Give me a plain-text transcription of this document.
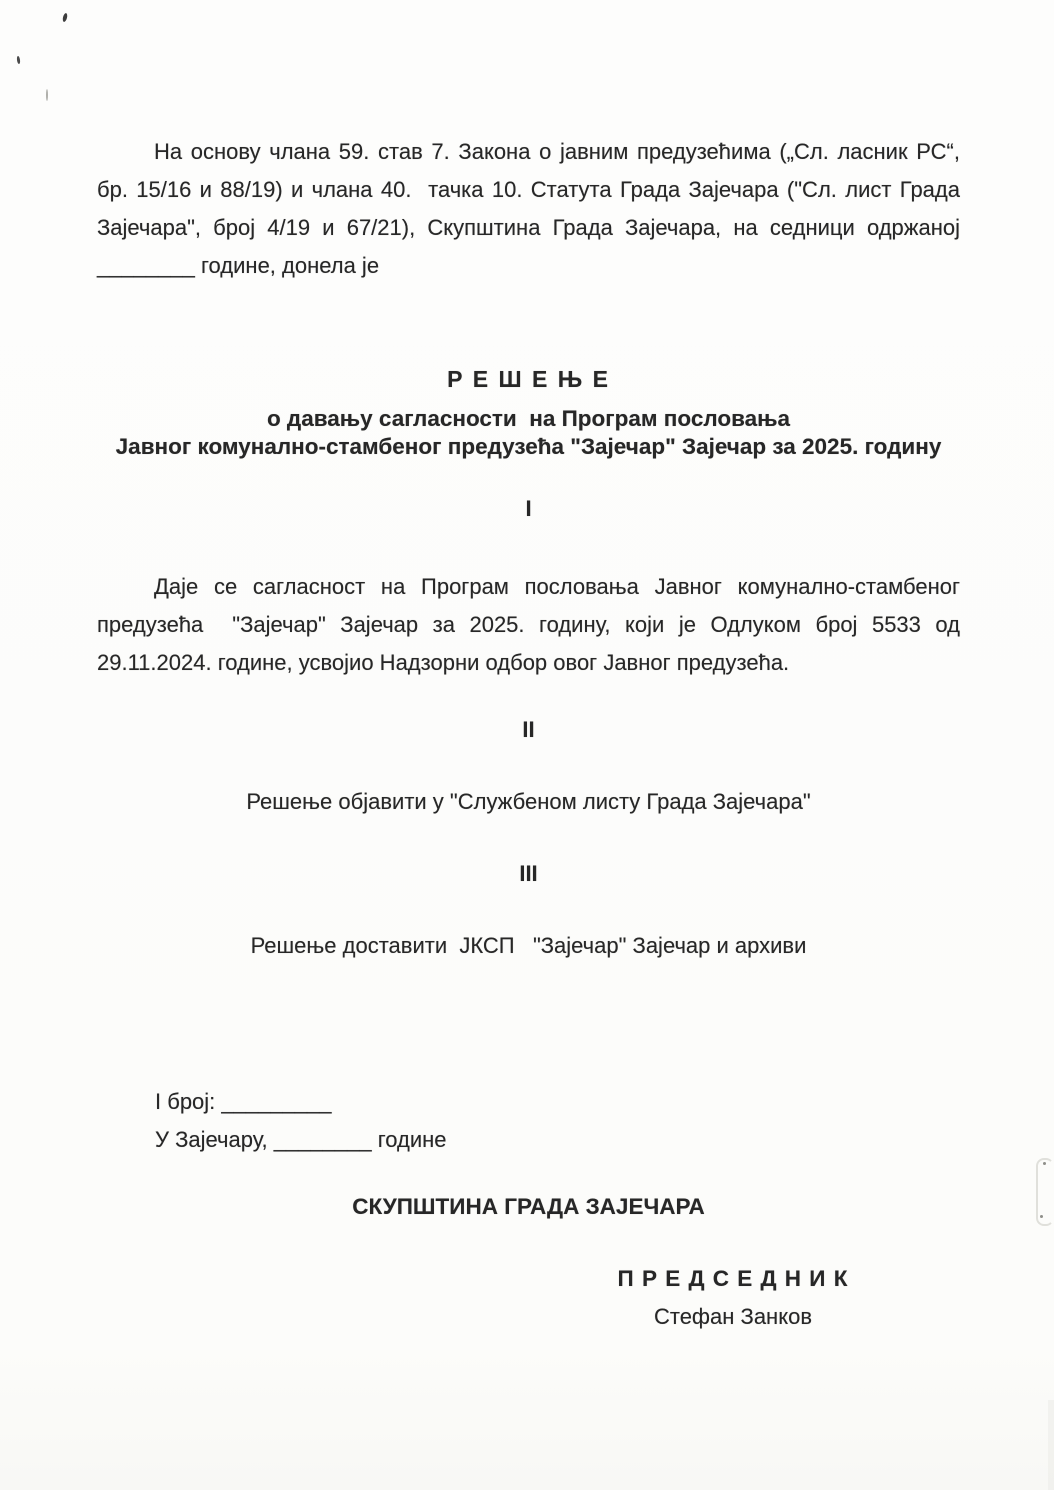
На основу члана 59. став 7. Закона о јавним предузећима („Сл. ласник РС“, бр. 15/16 и 88/19) и члана 40.  тачка 10. Статута Града Зајечара ("Сл. лист Града Зајечара", број 4/19 и 67/21), Скупштина Града Зајечара, на седници одржаној ________ године, донела је

Р Е Ш Е Њ Е
о давању сагласности  на Програм пословања
Јавног комунално-стамбеног предузећа "Зајечар" Зајечар за 2025. годину
I

Даје се сагласност на Програм пословања Јавног комунално-стамбеног предузећа  "Зајечар" Зајечар за 2025. годину, који је Одлуком број 5533 од 29.11.2024. године, усвојио Надзорни одбор овог Јавног предузећа.

II

Решење објавити у "Службеном листу Града Зајечара"

III

Решење доставити  ЈКСП   "Зајечар" Зајечар и архиви

I број: _________
У Зајечару, ________ године
СКУПШТИНА ГРАДА ЗАЈЕЧАРА
П Р Е Д С Е Д Н И К
Стефан Занков
